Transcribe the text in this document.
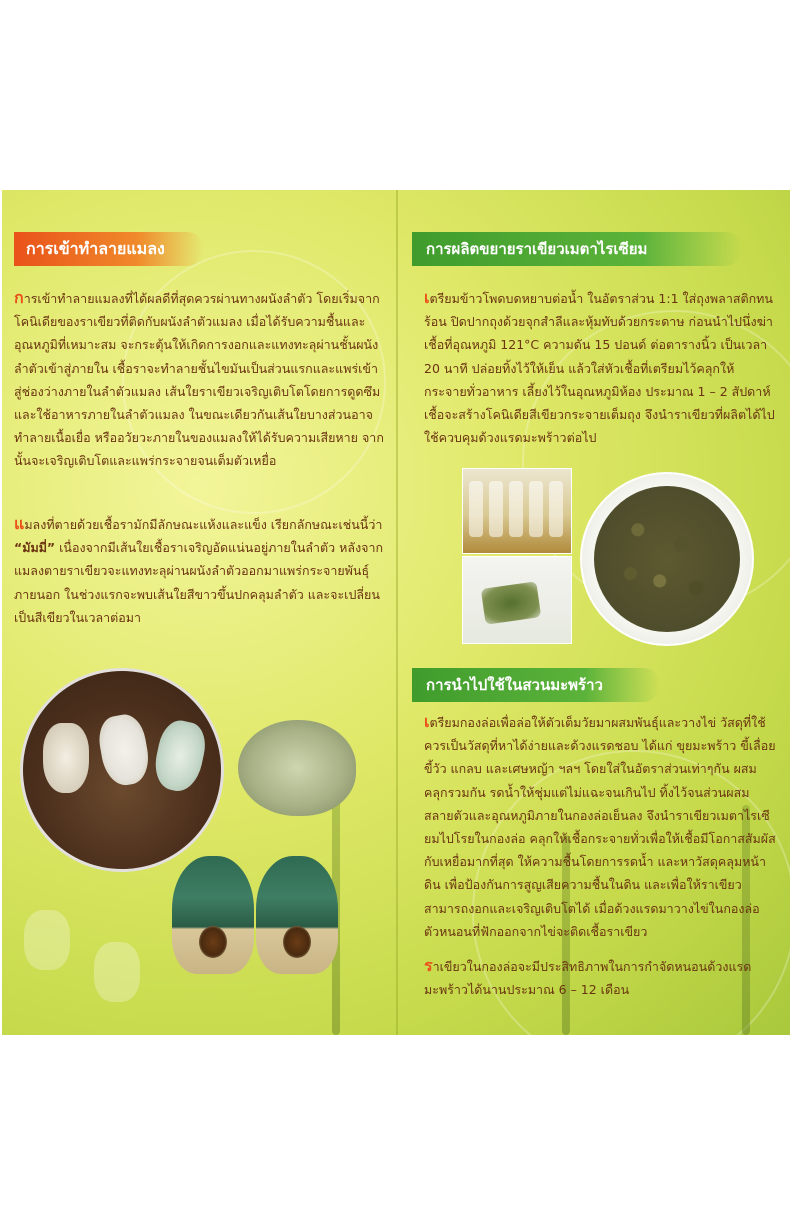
การเข้าทำลายแมลง

การเข้าทำลายแมลงที่ได้ผลดีที่สุดควรผ่านทางผนังลำตัว โดยเริ่มจากโคนิเดียของราเขียวที่ติดกับผนังลำตัวแมลง เมื่อได้รับความชื้นและอุณหภูมิที่เหมาะสม จะกระตุ้นให้เกิดการงอกและแทงทะลุผ่านชั้นผนังลำตัวเข้าสู่ภายใน เชื้อราจะทำลายชั้นไขมันเป็นส่วนแรกและแพร่เข้าสู่ช่องว่างภายในลำตัวแมลง เส้นใยราเขียวเจริญเติบโตโดยการดูดซึมและใช้อาหารภายในลำตัวแมลง ในขณะเดียวกันเส้นใยบางส่วนอาจทำลายเนื้อเยื่อ หรืออวัยวะภายในของแมลงให้ได้รับความเสียหาย จากนั้นจะเจริญเติบโตและแพร่กระจายจนเต็มตัวเหยื่อ

แมลงที่ตายด้วยเชื้อรามักมีลักษณะแห้งและแข็ง เรียกลักษณะเช่นนี้ว่า “มัมมี่” เนื่องจากมีเส้นใยเชื้อราเจริญอัดแน่นอยู่ภายในลำตัว หลังจากแมลงตายราเขียวจะแทงทะลุผ่านผนังลำตัวออกมาแพร่กระจายพันธุ์ภายนอก ในช่วงแรกจะพบเส้นใยสีขาวขึ้นปกคลุมลำตัว และจะเปลี่ยนเป็นสีเขียวในเวลาต่อมา

การผลิตขยายราเขียวเมตาไรเซียม

เตรียมข้าวโพดบดหยาบต่อน้ำ ในอัตราส่วน 1:1 ใส่ถุงพลาสติกทนร้อน ปิดปากถุงด้วยจุกสำลีและหุ้มทับด้วยกระดาษ ก่อนนำไปนึ่งฆ่าเชื้อที่อุณหภูมิ 121°C ความดัน 15 ปอนด์ ต่อตารางนิ้ว เป็นเวลา 20 นาที ปล่อยทิ้งไว้ให้เย็น แล้วใส่หัวเชื้อที่เตรียมไว้คลุกให้กระจายทั่วอาหาร เลี้ยงไว้ในอุณหภูมิห้อง ประมาณ 1 – 2 สัปดาห์ เชื้อจะสร้างโคนิเดียสีเขียวกระจายเต็มถุง จึงนำราเขียวที่ผลิตได้ไปใช้ควบคุมด้วงแรดมะพร้าวต่อไป

การนำไปใช้ในสวนมะพร้าว

เตรียมกองล่อเพื่อล่อให้ตัวเต็มวัยมาผสมพันธุ์และวางไข่ วัสดุที่ใช้ควรเป็นวัสดุที่หาได้ง่ายและด้วงแรดชอบ ได้แก่ ขุยมะพร้าว ขี้เลื่อย ขี้วัว แกลบ และเศษหญ้า ฯลฯ โดยใส่ในอัตราส่วนเท่าๆกัน ผสมคลุกรวมกัน รดน้ำให้ชุ่มแต่ไม่แฉะจนเกินไป ทิ้งไว้จนส่วนผสมสลายตัวและอุณหภูมิภายในกองล่อเย็นลง จึงนำราเขียวเมตาไรเซียมไปโรยในกองล่อ คลุกให้เชื้อกระจายทั่วเพื่อให้เชื้อมีโอกาสสัมผัสกับเหยื่อมากที่สุด ให้ความชื้นโดยการรดน้ำ และหาวัสดุคลุมหน้าดิน เพื่อป้องกันการสูญเสียความชื้นในดิน และเพื่อให้ราเขียวสามารถงอกและเจริญเติบโตได้ เมื่อด้วงแรดมาวางไข่ในกองล่อ ตัวหนอนที่ฟักออกจากไข่จะติดเชื้อราเขียว

ราเขียวในกองล่อจะมีประสิทธิภาพในการกำจัดหนอนด้วงแรดมะพร้าวได้นานประมาณ 6 – 12 เดือน
